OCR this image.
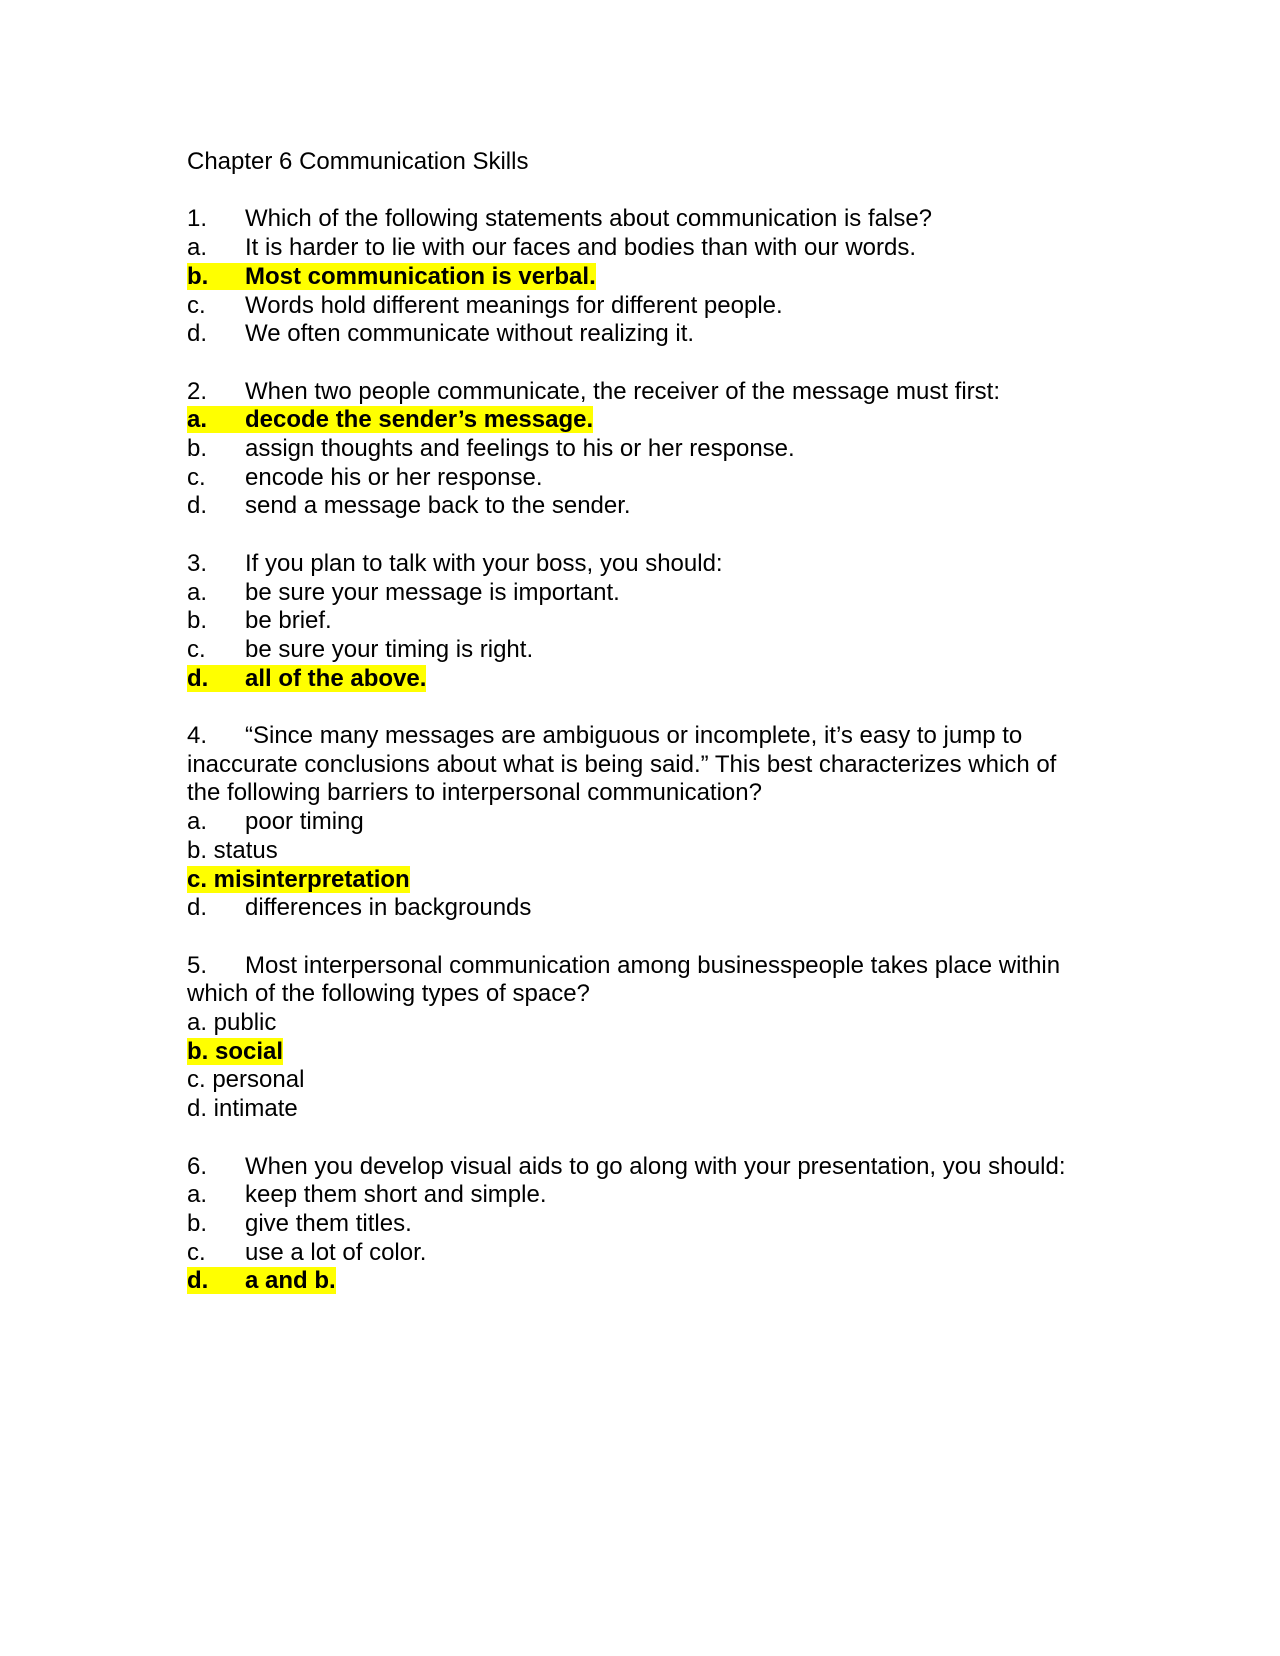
Chapter 6 Communication Skills
1. Which of the following statements about communication is false?
a. It is harder to lie with our faces and bodies than with our words.
b. Most communication is verbal.
c. Words hold different meanings for different people.
d. We often communicate without realizing it.
2. When two people communicate, the receiver of the message must first:
a. decode the sender’s message.
b. assign thoughts and feelings to his or her response.
c. encode his or her response.
d. send a message back to the sender.
3. If you plan to talk with your boss, you should:
a. be sure your message is important.
b. be brief.
c. be sure your timing is right.
d. all of the above.
4. “Since many messages are ambiguous or incomplete, it’s easy to jump to inaccurate conclusions about what is being said.” This best characterizes which of the following barriers to interpersonal communication?
a. poor timing
b. status
c. misinterpretation
d. differences in backgrounds
5. Most interpersonal communication among businesspeople takes place within which of the following types of space?
a. public
b. social
c. personal
d. intimate
6. When you develop visual aids to go along with your presentation, you should:
a. keep them short and simple.
b. give them titles.
c. use a lot of color.
d. a and b.
